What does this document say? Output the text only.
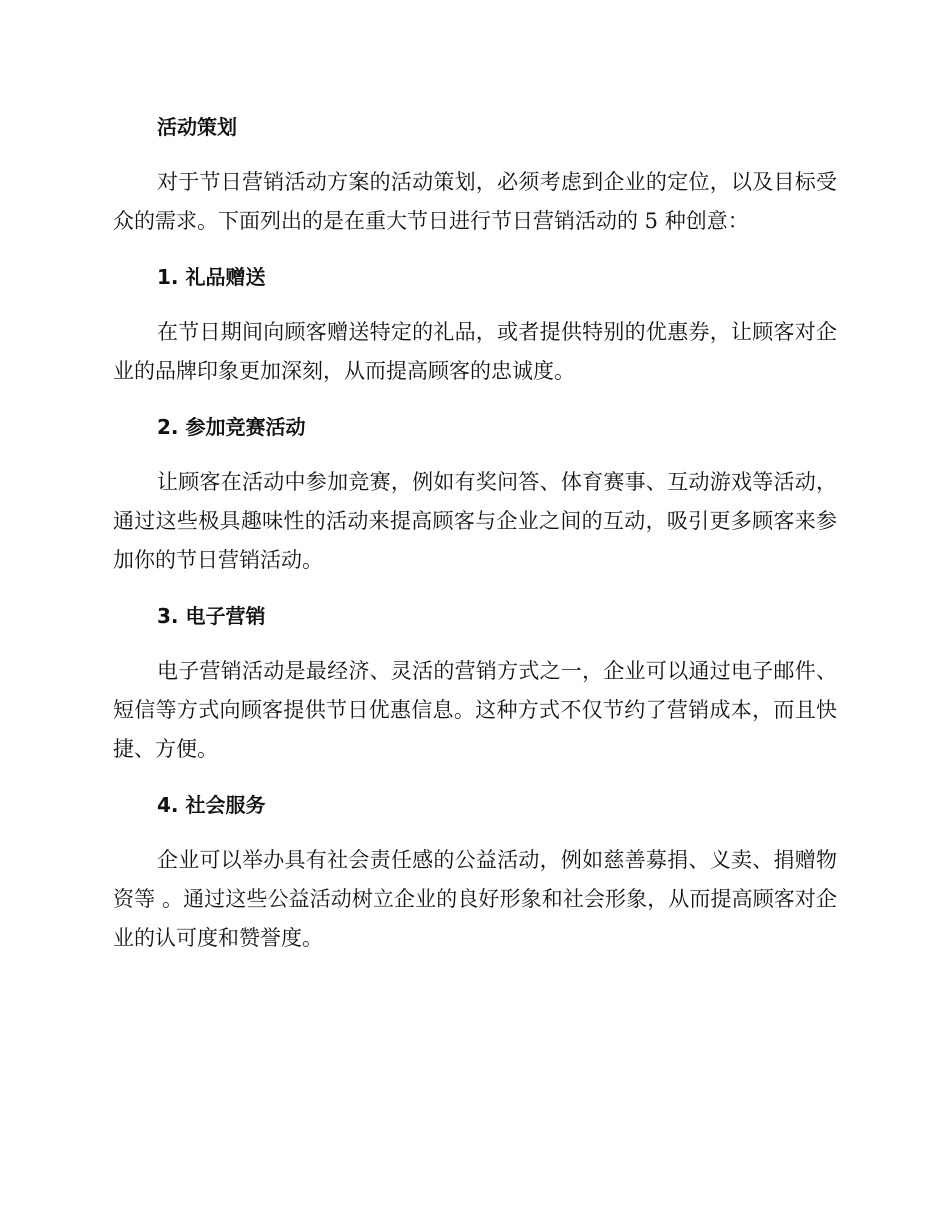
活动策划

对于节日营销活动方案的活动策划，必须考虑到企业的定位，以及目标受众的需求。下面列出的是在重大节日进行节日营销活动的 5 种创意：

1. 礼品赠送

在节日期间向顾客赠送特定的礼品，或者提供特别的优惠券，让顾客对企业的品牌印象更加深刻，从而提高顾客的忠诚度。

2. 参加竞赛活动

让顾客在活动中参加竞赛，例如有奖问答、体育赛事、互动游戏等活动，通过这些极具趣味性的活动来提高顾客与企业之间的互动，吸引更多顾客来参加你的节日营销活动。

3. 电子营销

电子营销活动是最经济、灵活的营销方式之一，企业可以通过电子邮件、短信等方式向顾客提供节日优惠信息。这种方式不仅节约了营销成本，而且快捷、方便。

4. 社会服务

企业可以举办具有社会责任感的公益活动，例如慈善募捐、义卖、捐赠物资等 。通过这些公益活动树立企业的良好形象和社会形象，从而提高顾客对企业的认可度和赞誉度。
